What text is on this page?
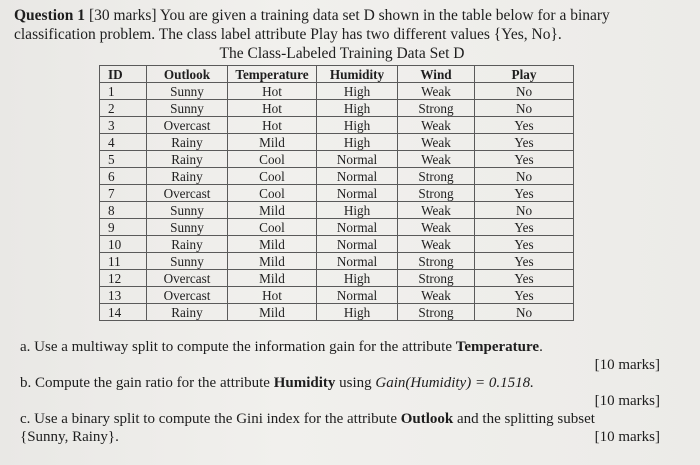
Question 1 [30 marks] You are given a training data set D shown in the table below for a binary classification problem. The class label attribute Play has two different values {Yes, No}.
The Class-Labeled Training Data Set D
ID	Outlook	Temperature	Humidity	Wind	Play
1	Sunny	Hot	High	Weak	No
2	Sunny	Hot	High	Strong	No
3	Overcast	Hot	High	Weak	Yes
4	Rainy	Mild	High	Weak	Yes
5	Rainy	Cool	Normal	Weak	Yes
6	Rainy	Cool	Normal	Strong	No
7	Overcast	Cool	Normal	Strong	Yes
8	Sunny	Mild	High	Weak	No
9	Sunny	Cool	Normal	Weak	Yes
10	Rainy	Mild	Normal	Weak	Yes
11	Sunny	Mild	Normal	Strong	Yes
12	Overcast	Mild	High	Strong	Yes
13	Overcast	Hot	Normal	Weak	Yes
14	Rainy	Mild	High	Strong	No
a. Use a multiway split to compute the information gain for the attribute Temperature.
[10 marks]
b. Compute the gain ratio for the attribute Humidity using Gain(Humidity) = 0.1518.
[10 marks]
c. Use a binary split to compute the Gini index for the attribute Outlook and the splitting subset
{Sunny, Rainy}.	[10 marks]
